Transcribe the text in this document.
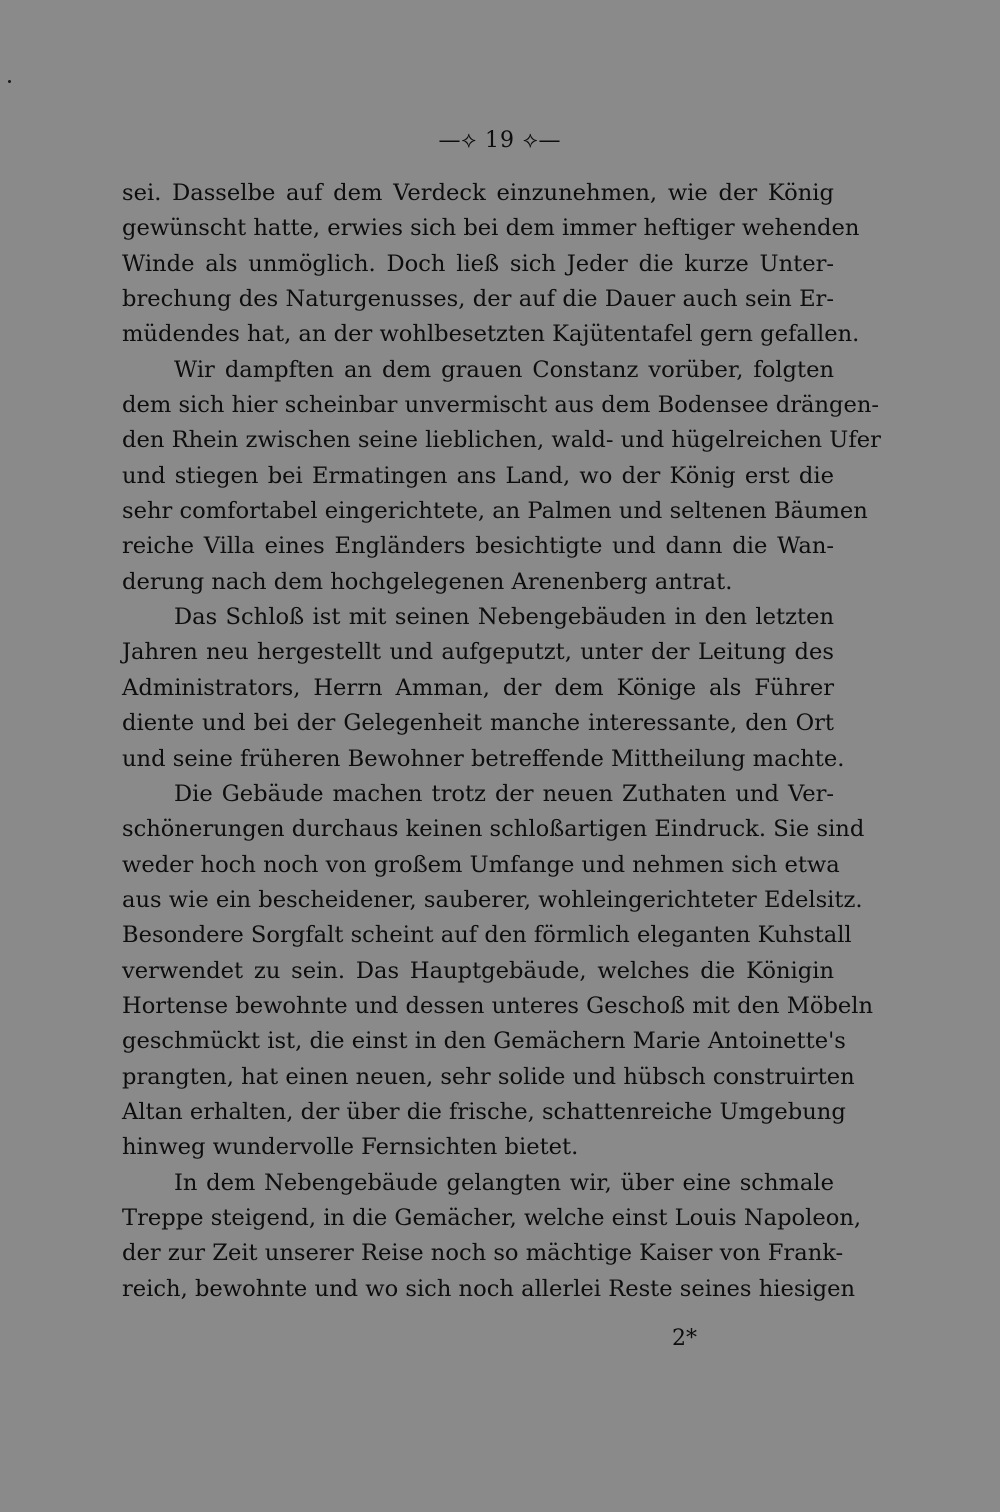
—⟡ 19 ⟡—
sei. Dasselbe auf dem Verdeck einzunehmen, wie der König
gewünscht hatte, erwies sich bei dem immer heftiger wehenden
Winde als unmöglich. Doch ließ sich Jeder die kurze Unter-
brechung des Naturgenusses, der auf die Dauer auch sein Er-
müdendes hat, an der wohlbesetzten Kajütentafel gern gefallen.
Wir dampften an dem grauen Constanz vorüber, folgten
dem sich hier scheinbar unvermischt aus dem Bodensee drängen-
den Rhein zwischen seine lieblichen, wald- und hügelreichen Ufer
und stiegen bei Ermatingen ans Land, wo der König erst die
sehr comfortabel eingerichtete, an Palmen und seltenen Bäumen
reiche Villa eines Engländers besichtigte und dann die Wan-
derung nach dem hochgelegenen Arenenberg antrat.
Das Schloß ist mit seinen Nebengebäuden in den letzten
Jahren neu hergestellt und aufgeputzt, unter der Leitung des
Administrators, Herrn Amman, der dem Könige als Führer
diente und bei der Gelegenheit manche interessante, den Ort
und seine früheren Bewohner betreffende Mittheilung machte.
Die Gebäude machen trotz der neuen Zuthaten und Ver-
schönerungen durchaus keinen schloßartigen Eindruck. Sie sind
weder hoch noch von großem Umfange und nehmen sich etwa
aus wie ein bescheidener, sauberer, wohleingerichteter Edelsitz.
Besondere Sorgfalt scheint auf den förmlich eleganten Kuhstall
verwendet zu sein. Das Hauptgebäude, welches die Königin
Hortense bewohnte und dessen unteres Geschoß mit den Möbeln
geschmückt ist, die einst in den Gemächern Marie Antoinette's
prangten, hat einen neuen, sehr solide und hübsch construirten
Altan erhalten, der über die frische, schattenreiche Umgebung
hinweg wundervolle Fernsichten bietet.
In dem Nebengebäude gelangten wir, über eine schmale
Treppe steigend, in die Gemächer, welche einst Louis Napoleon,
der zur Zeit unserer Reise noch so mächtige Kaiser von Frank-
reich, bewohnte und wo sich noch allerlei Reste seines hiesigen
2*
